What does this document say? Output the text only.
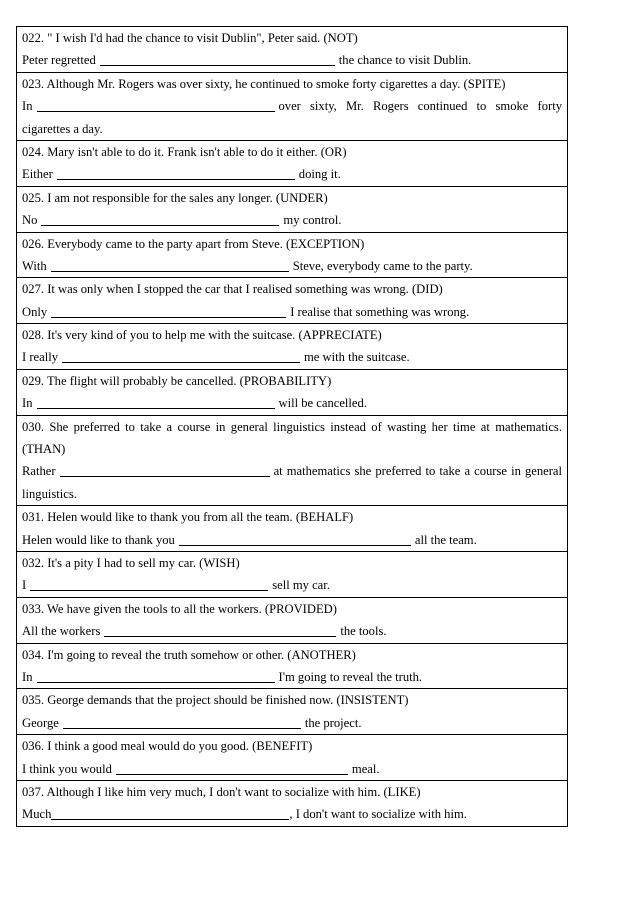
022. " I wish I'd had the chance to visit Dublin", Peter said. (NOT)
Peter regretted	the chance to visit Dublin.
023. Although Mr. Rogers was over sixty, he continued to smoke forty cigarettes a day. (SPITE)
In	over sixty, Mr. Rogers continued to smoke forty
cigarettes a day.
024. Mary isn't able to do it. Frank isn't able to do it either. (OR)
Either	doing it.
025. I am not responsible for the sales any longer. (UNDER)
No	my control.
026. Everybody came to the party apart from Steve. (EXCEPTION)
With	Steve, everybody came to the party.
027. It was only when I stopped the car that I realised something was wrong. (DID)
Only	I realise that something was wrong.
028. It's very kind of you to help me with the suitcase. (APPRECIATE)
I really	me with the suitcase.
029. The flight will probably be cancelled. (PROBABILITY)
In	will be cancelled.
030. She preferred to take a course in general linguistics instead of wasting her time at mathematics.
(THAN)
Rather	at mathematics she preferred to take a course in general
linguistics.
031. Helen would like to thank you from all the team. (BEHALF)
Helen would like to thank you	all the team.
032. It's a pity I had to sell my car. (WISH)
I	sell my car.
033. We have given the tools to all the workers. (PROVIDED)
All the workers	the tools.
034. I'm going to reveal the truth somehow or other. (ANOTHER)
In	I'm going to reveal the truth.
035. George demands that the project should be finished now. (INSISTENT)
George	the project.
036. I think a good meal would do you good. (BENEFIT)
I think you would	meal.
037. Although I like him very much, I don't want to socialize with him. (LIKE)
Much	, I don't want to socialize with him.
